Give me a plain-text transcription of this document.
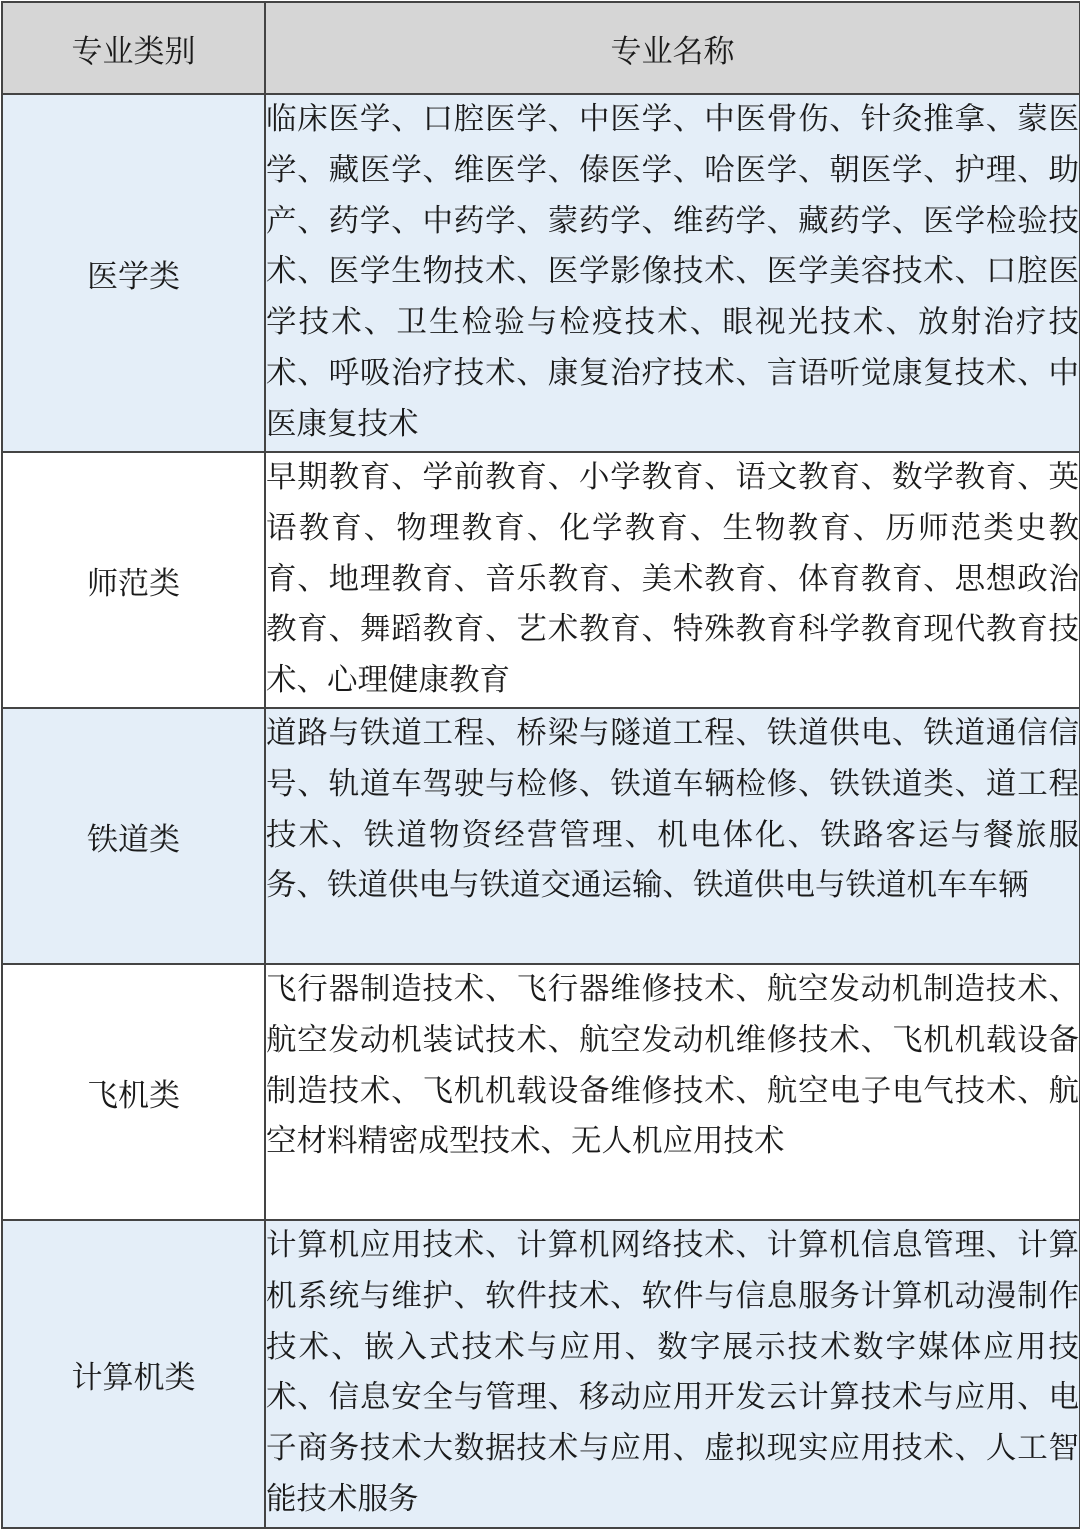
专业类别	专业名称
医学类	临床医学、口腔医学、中医学、中医骨伤、针灸推拿、蒙医学、藏医学、维医学、傣医学、哈医学、朝医学、护理、助产、药学、中药学、蒙药学、维药学、藏药学、医学检验技术、医学生物技术、医学影像技术、医学美容技术、口腔医学技术、卫生检验与检疫技术、眼视光技术、放射治疗技术、呼吸治疗技术、康复治疗技术、言语听觉康复技术、中医康复技术
师范类	早期教育、学前教育、小学教育、语文教育、数学教育、英语教育、物理教育、化学教育、生物教育、历师范类史教育、地理教育、音乐教育、美术教育、体育教育、思想政治教育、舞蹈教育、艺术教育、特殊教育科学教育现代教育技术、心理健康教育
铁道类	道路与铁道工程、桥梁与隧道工程、铁道供电、铁道通信信号、轨道车驾驶与检修、铁道车辆检修、铁铁道类、道工程技术、铁道物资经营管理、机电体化、铁路客运与餐旅服务、铁道供电与铁道交通运输、铁道供电与铁道机车车辆
飞机类	飞行器制造技术、飞行器维修技术、航空发动机制造技术、航空发动机装试技术、航空发动机维修技术、飞机机载设备制造技术、飞机机载设备维修技术、航空电子电气技术、航空材料精密成型技术、无人机应用技术
计算机类	计算机应用技术、计算机网络技术、计算机信息管理、计算机系统与维护、软件技术、软件与信息服务计算机动漫制作技术、嵌入式技术与应用、数字展示技术数字媒体应用技术、信息安全与管理、移动应用开发云计算技术与应用、电子商务技术大数据技术与应用、虚拟现实应用技术、人工智能技术服务
